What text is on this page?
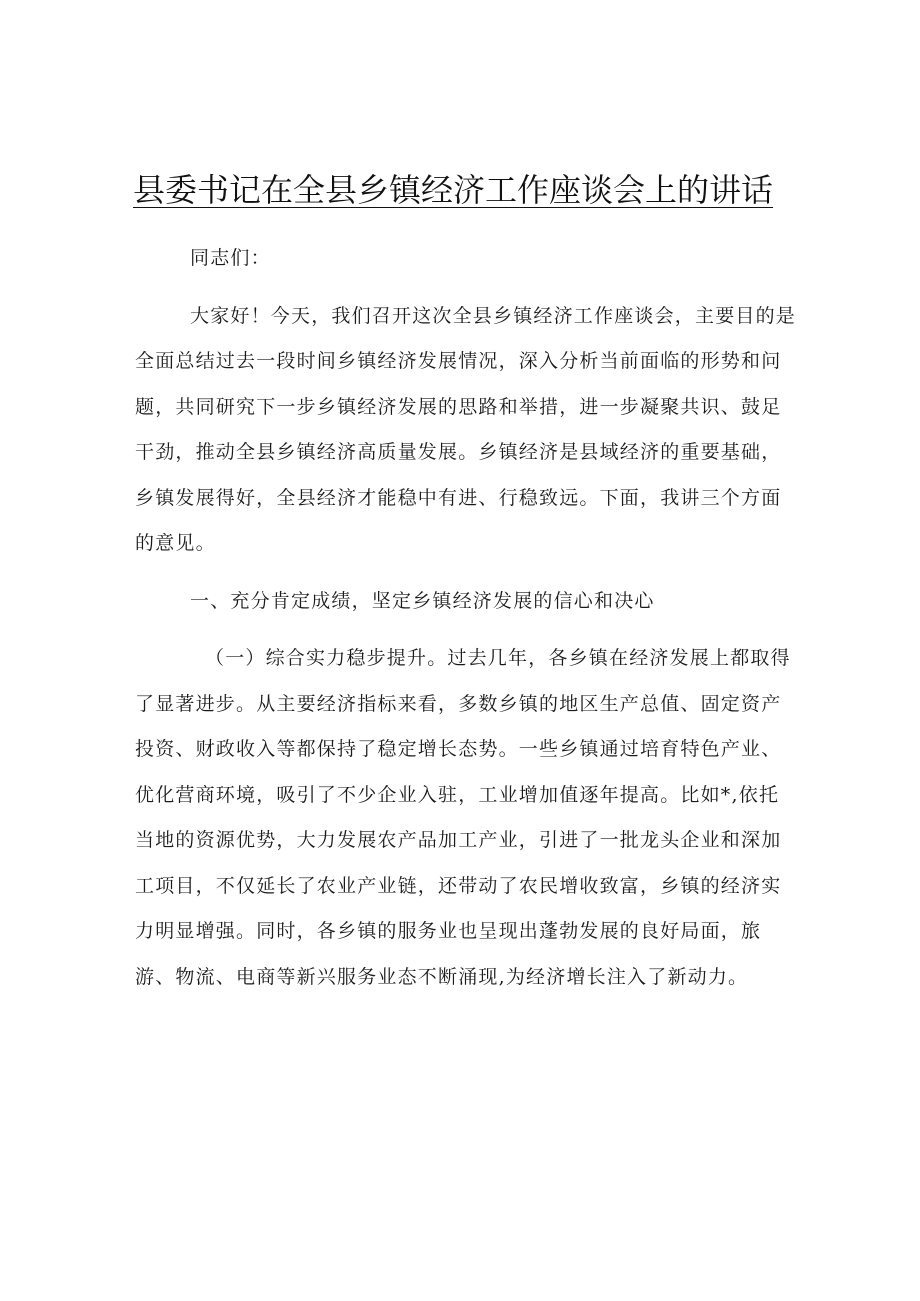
县委书记在全县乡镇经济工作座谈会上的讲话

同志们：

大家好！今天，我们召开这次全县乡镇经济工作座谈会，主要目的是
全面总结过去一段时间乡镇经济发展情况，深入分析当前面临的形势和问
题，共同研究下一步乡镇经济发展的思路和举措，进一步凝聚共识、鼓足
干劲，推动全县乡镇经济高质量发展。乡镇经济是县域经济的重要基础，
乡镇发展得好，全县经济才能稳中有进、行稳致远。下面，我讲三个方面
的意见。

一、充分肯定成绩，坚定乡镇经济发展的信心和决心

（一）综合实力稳步提升。过去几年，各乡镇在经济发展上都取得
了显著进步。从主要经济指标来看，多数乡镇的地区生产总值、固定资产
投资、财政收入等都保持了稳定增长态势。一些乡镇通过培育特色产业、
优化营商环境，吸引了不少企业入驻，工业增加值逐年提高。比如*,依托
当地的资源优势，大力发展农产品加工产业，引进了一批龙头企业和深加
工项目，不仅延长了农业产业链，还带动了农民增收致富，乡镇的经济实
力明显增强。同时，各乡镇的服务业也呈现出蓬勃发展的良好局面，旅
游、物流、电商等新兴服务业态不断涌现,为经济增长注入了新动力。
